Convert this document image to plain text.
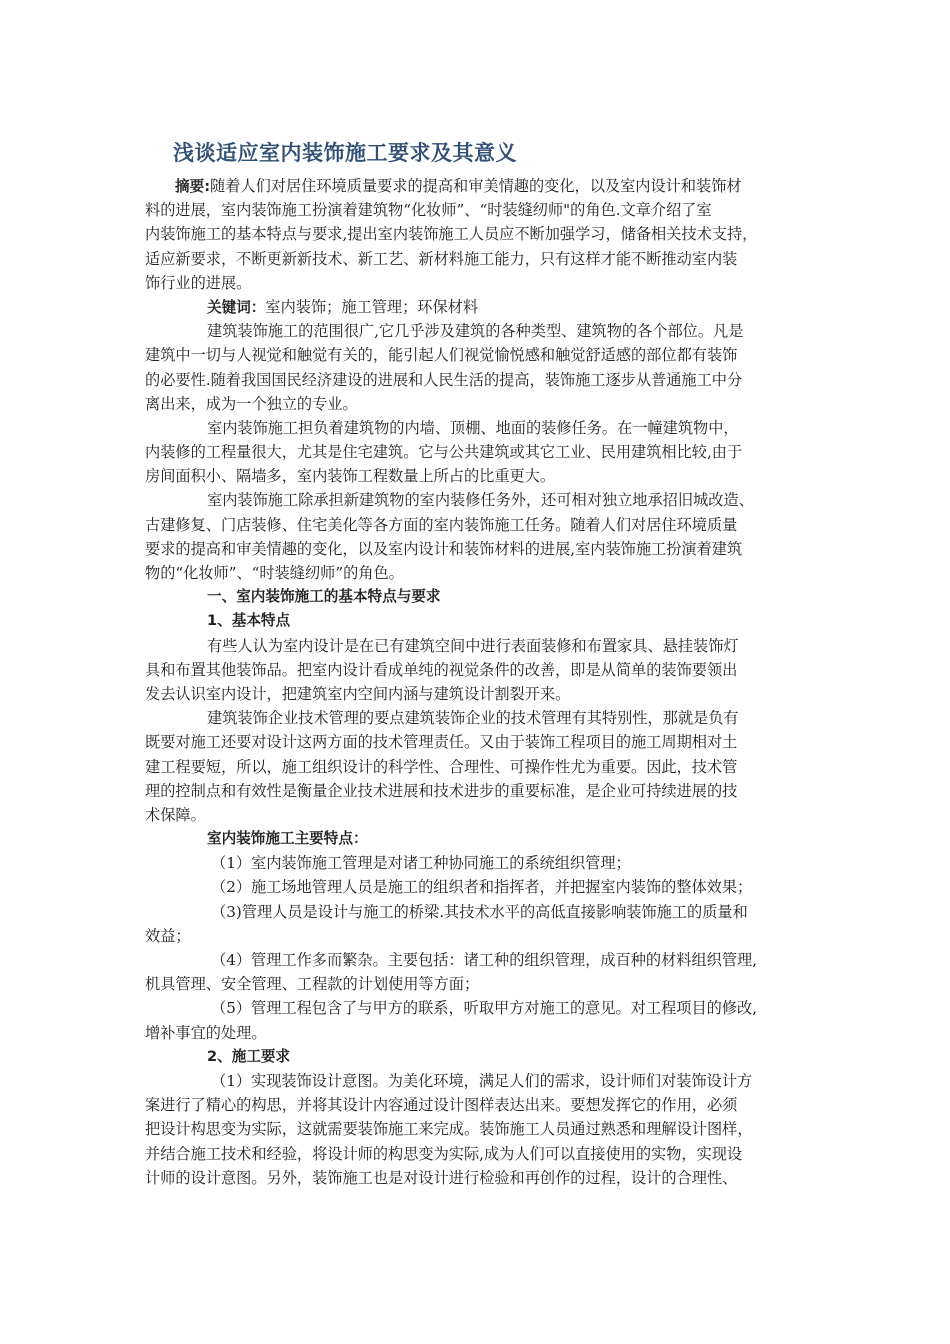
浅谈适应室内装饰施工要求及其意义
摘要:随着人们对居住环境质量要求的提高和审美情趣的变化，以及室内设计和装饰材
料的进展，室内装饰施工扮演着建筑物“化妆师”、“时装缝纫师"的角色.文章介绍了室
内装饰施工的基本特点与要求,提出室内装饰施工人员应不断加强学习，储备相关技术支持，
适应新要求，不断更新新技术、新工艺、新材料施工能力，只有这样才能不断推动室内装
饰行业的进展。
关键词：室内装饰；施工管理；环保材料
建筑装饰施工的范围很广,它几乎涉及建筑的各种类型、建筑物的各个部位。凡是
建筑中一切与人视觉和触觉有关的，能引起人们视觉愉悦感和触觉舒适感的部位都有装饰
的必要性.随着我国国民经济建设的进展和人民生活的提高，装饰施工逐步从普通施工中分
离出来，成为一个独立的专业。
室内装饰施工担负着建筑物的内墙、顶棚、地面的装修任务。在一幢建筑物中，
内装修的工程量很大，尤其是住宅建筑。它与公共建筑或其它工业、民用建筑相比较,由于
房间面积小、隔墙多，室内装饰工程数量上所占的比重更大。
室内装饰施工除承担新建筑物的室内装修任务外，还可相对独立地承招旧城改造、
古建修复、门店装修、住宅美化等各方面的室内装饰施工任务。随着人们对居住环境质量
要求的提高和审美情趣的变化，以及室内设计和装饰材料的进展,室内装饰施工扮演着建筑
物的“化妆师”、“时装缝纫师”的角色。
一、室内装饰施工的基本特点与要求
1、基本特点
有些人认为室内设计是在已有建筑空间中进行表面装修和布置家具、悬挂装饰灯
具和布置其他装饰品。把室内设计看成单纯的视觉条件的改善，即是从简单的装饰要领出
发去认识室内设计，把建筑室内空间内涵与建筑设计割裂开来。
建筑装饰企业技术管理的要点建筑装饰企业的技术管理有其特别性，那就是负有
既要对施工还要对设计这两方面的技术管理责任。又由于装饰工程项目的施工周期相对土
建工程要短，所以，施工组织设计的科学性、合理性、可操作性尤为重要。因此，技术管
理的控制点和有效性是衡量企业技术进展和技术进步的重要标准，是企业可持续进展的技
术保障。
室内装饰施工主要特点：
（1）室内装饰施工管理是对诸工种协同施工的系统组织管理；
（2）施工场地管理人员是施工的组织者和指挥者，并把握室内装饰的整体效果；
（3)管理人员是设计与施工的桥梁.其技术水平的高低直接影响装饰施工的质量和
效益；
（4）管理工作多而繁杂。主要包括：诸工种的组织管理，成百种的材料组织管理,
机具管理、安全管理、工程款的计划使用等方面；
（5）管理工程包含了与甲方的联系，听取甲方对施工的意见。对工程项目的修改,
增补事宜的处理。
2、施工要求
（1）实现装饰设计意图。为美化环境，满足人们的需求，设计师们对装饰设计方
案进行了精心的构思，并将其设计内容通过设计图样表达出来。要想发挥它的作用，必须
把设计构思变为实际，这就需要装饰施工来完成。装饰施工人员通过熟悉和理解设计图样，
并结合施工技术和经验，将设计师的构思变为实际,成为人们可以直接使用的实物，实现设
计师的设计意图。另外，装饰施工也是对设计进行检验和再创作的过程，设计的合理性、
